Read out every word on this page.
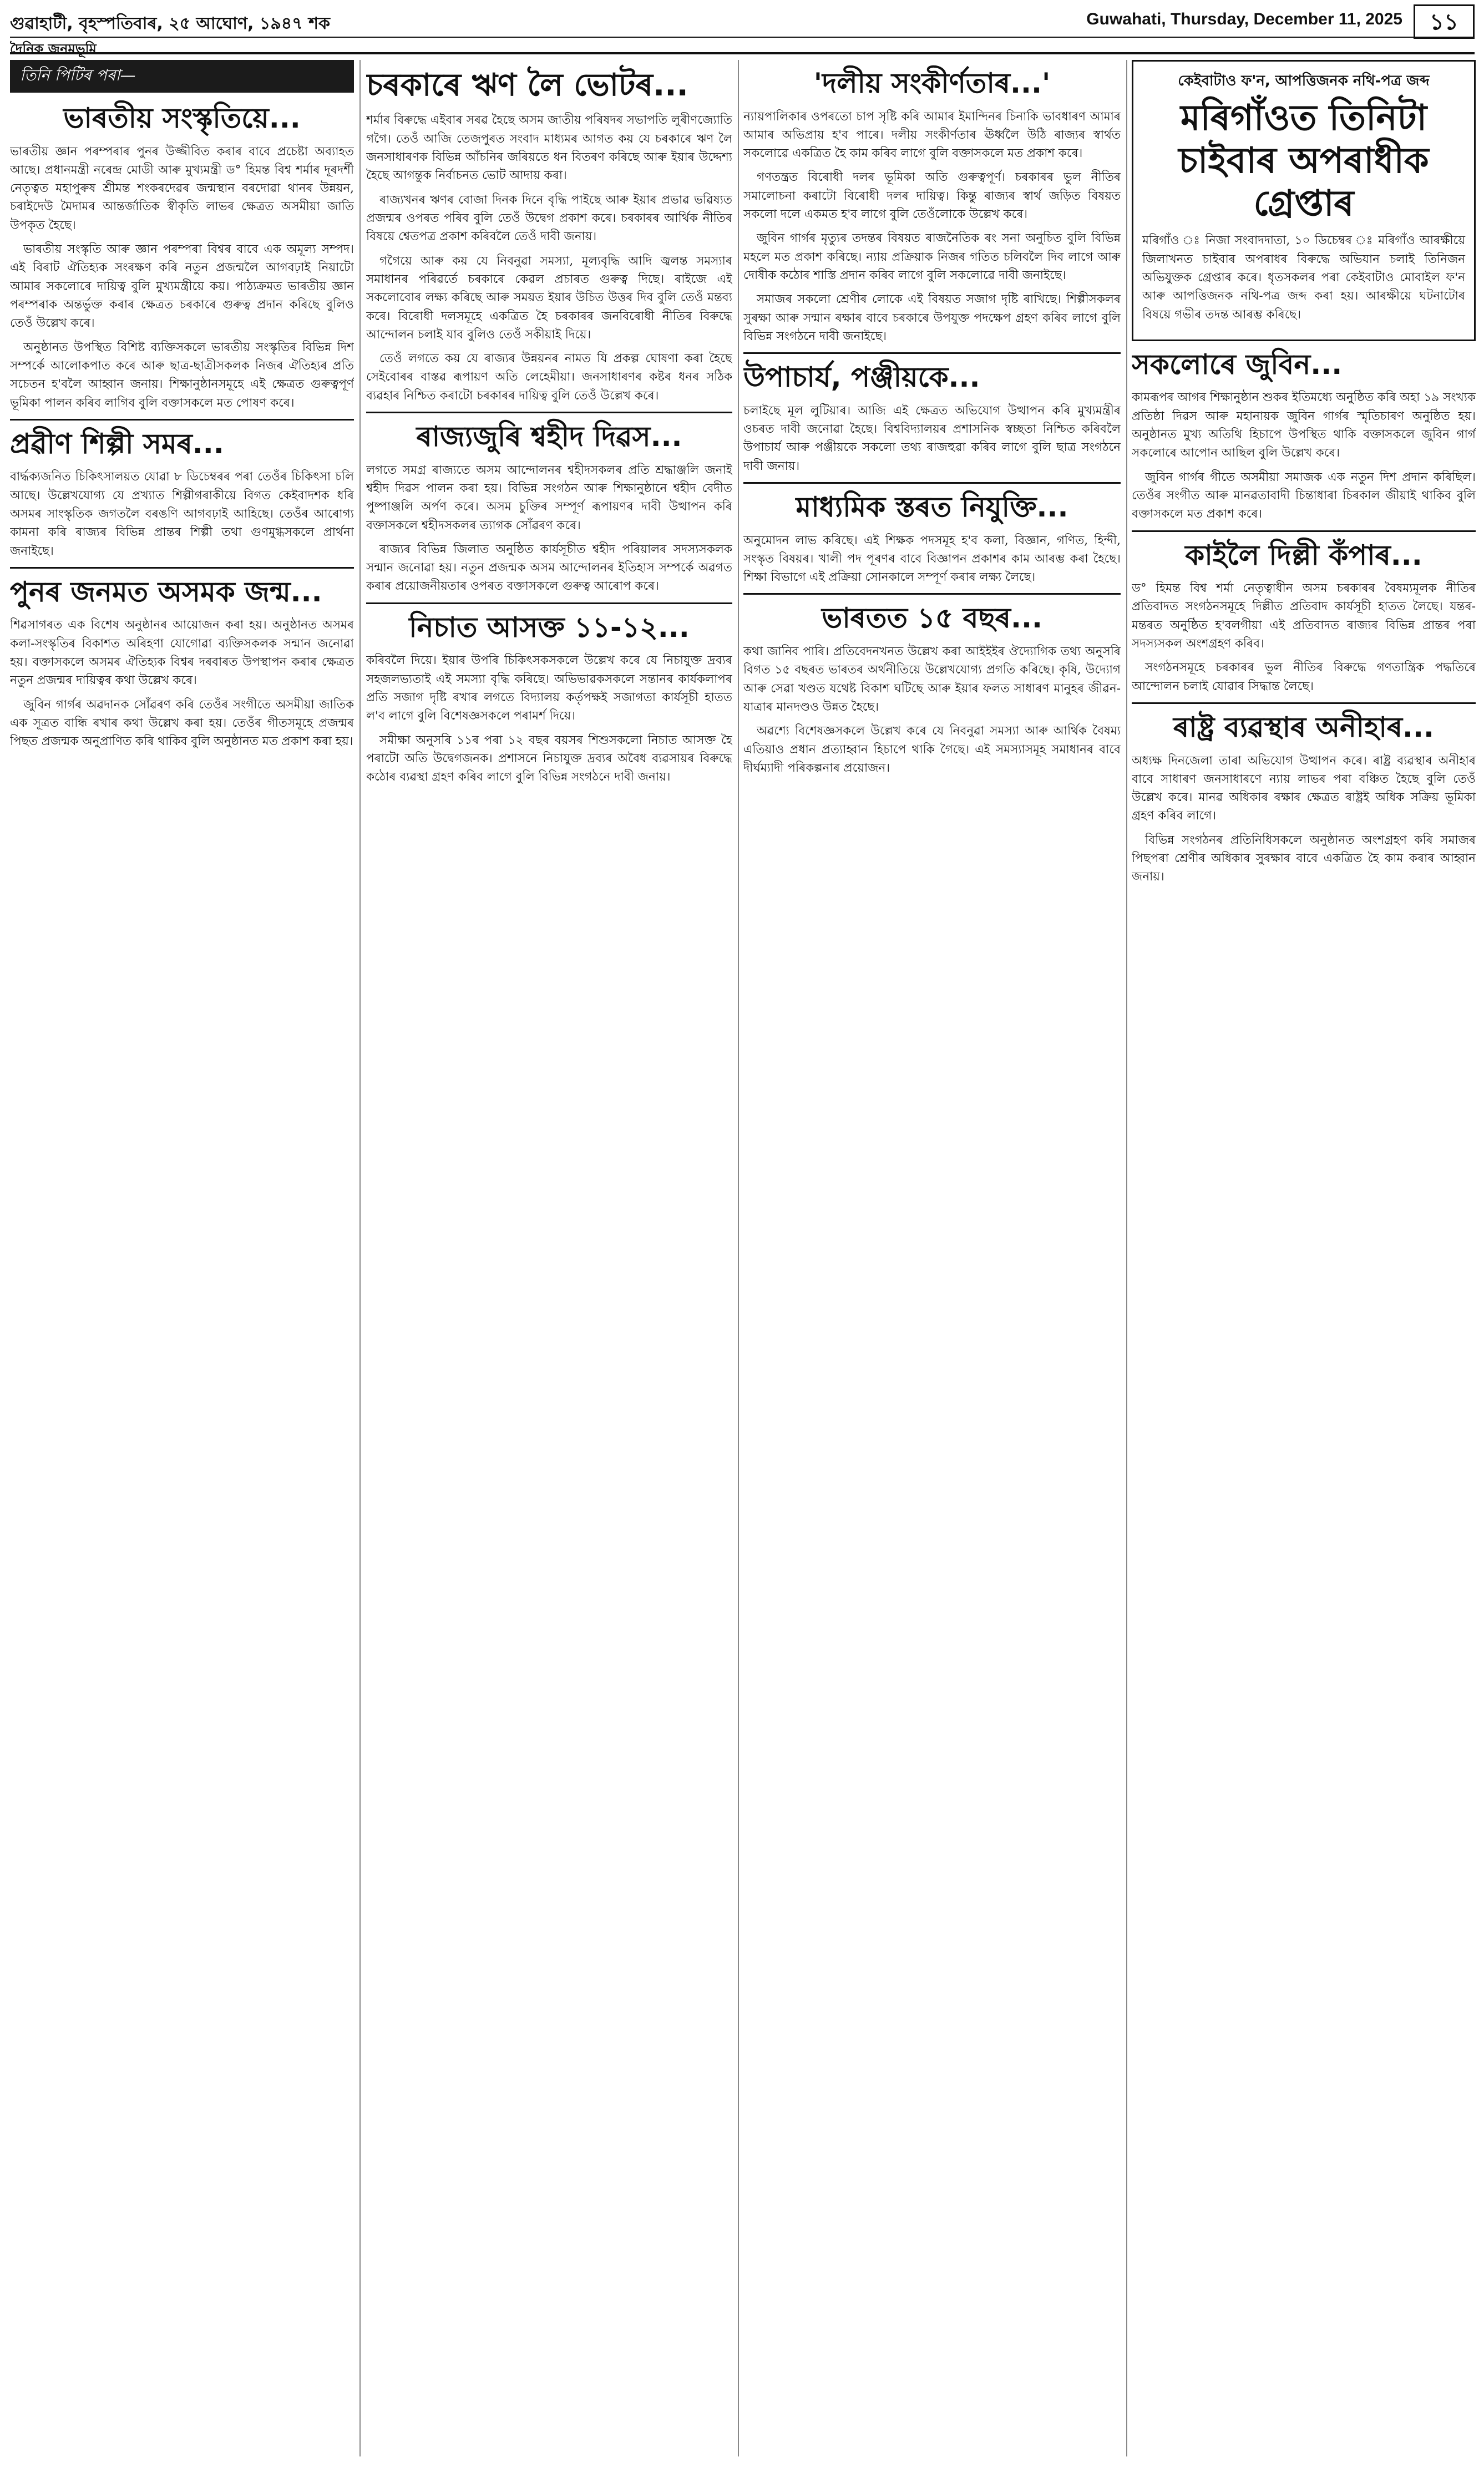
গুৱাহাটী, বৃহস্পতিবাৰ, ২৫ আঘোণ, ১৯৪৭ শক	Guwahati, Thursday, December 11, 2025	১১
দৈনিক জনমভূমি
তিনি পিটিৰ পৰা—
ভাৰতীয় সংস্কৃতিয়ে...

ভাৰতীয় জ্ঞান পৰম্পৰাৰ পুনৰ উজ্জীবিত কৰাৰ বাবে প্ৰচেষ্টা অব্যাহত আছে। প্ৰধানমন্ত্ৰী নৰেন্দ্ৰ মোডী আৰু মুখ্যমন্ত্ৰী ড° হিমন্ত বিশ্ব শৰ্মাৰ দূৰদৰ্শী নেতৃত্বত মহাপুৰুষ শ্ৰীমন্ত শংকৰদেৱৰ জন্মস্থান বৰদোৱা থানৰ উন্নয়ন, চৰাইদেউ মৈদামৰ আন্তৰ্জাতিক স্বীকৃতি লাভৰ ক্ষেত্ৰত অসমীয়া জাতি উপকৃত হৈছে।

ভাৰতীয় সংস্কৃতি আৰু জ্ঞান পৰম্পৰা বিশ্বৰ বাবে এক অমূল্য সম্পদ। এই বিৰাট ঐতিহ্যক সংৰক্ষণ কৰি নতুন প্ৰজন্মলৈ আগবঢ়াই নিয়াটো আমাৰ সকলোৰে দায়িত্ব বুলি মুখ্যমন্ত্ৰীয়ে কয়। পাঠ্যক্ৰমত ভাৰতীয় জ্ঞান পৰম্পৰাক অন্তৰ্ভুক্ত কৰাৰ ক্ষেত্ৰত চৰকাৰে গুৰুত্ব প্ৰদান কৰিছে বুলিও তেওঁ উল্লেখ কৰে।

অনুষ্ঠানত উপস্থিত বিশিষ্ট ব্যক্তিসকলে ভাৰতীয় সংস্কৃতিৰ বিভিন্ন দিশ সম্পৰ্কে আলোকপাত কৰে আৰু ছাত্ৰ-ছাত্ৰীসকলক নিজৰ ঐতিহ্যৰ প্ৰতি সচেতন হ'বলৈ আহ্বান জনায়। শিক্ষানুষ্ঠানসমূহে এই ক্ষেত্ৰত গুৰুত্বপূৰ্ণ ভূমিকা পালন কৰিব লাগিব বুলি বক্তাসকলে মত পোষণ কৰে।

প্ৰৱীণ শিল্পী সমৰ...

বাৰ্দ্ধক্যজনিত চিকিৎসালয়ত যোৱা ৮ ডিচেম্বৰৰ পৰা তেওঁৰ চিকিৎসা চলি আছে। উল্লেখযোগ্য যে প্ৰখ্যাত শিল্পীগৰাকীয়ে বিগত কেইবাদশক ধৰি অসমৰ সাংস্কৃতিক জগতলৈ বৰঙণি আগবঢ়াই আহিছে। তেওঁৰ আৰোগ্য কামনা কৰি ৰাজ্যৰ বিভিন্ন প্ৰান্তৰ শিল্পী তথা গুণমুগ্ধসকলে প্ৰাৰ্থনা জনাইছে।

পুনৰ জনমত অসমক জন্ম...

শিৱসাগৰত এক বিশেষ অনুষ্ঠানৰ আয়োজন কৰা হয়। অনুষ্ঠানত অসমৰ কলা-সংস্কৃতিৰ বিকাশত অৰিহণা যোগোৱা ব্যক্তিসকলক সন্মান জনোৱা হয়। বক্তাসকলে অসমৰ ঐতিহ্যক বিশ্বৰ দৰবাৰত উপস্থাপন কৰাৰ ক্ষেত্ৰত নতুন প্ৰজন্মৰ দায়িত্বৰ কথা উল্লেখ কৰে।

জুবিন গাৰ্গৰ অৱদানক সোঁৱৰণ কৰি তেওঁৰ সংগীতে অসমীয়া জাতিক এক সূত্ৰত বান্ধি ৰখাৰ কথা উল্লেখ কৰা হয়। তেওঁৰ গীতসমূহে প্ৰজন্মৰ পিছত প্ৰজন্মক অনুপ্ৰাণিত কৰি থাকিব বুলি অনুষ্ঠানত মত প্ৰকাশ কৰা হয়।

চৰকাৰে ঋণ লৈ ভোটৰ...

শৰ্মাৰ বিৰুদ্ধে এইবাৰ সৰৱ হৈছে অসম জাতীয় পৰিষদৰ সভাপতি লুৰীণজ্যোতি গগৈ। তেওঁ আজি তেজপুৰত সংবাদ মাধ্যমৰ আগত কয় যে চৰকাৰে ঋণ লৈ জনসাধাৰণক বিভিন্ন আঁচনিৰ জৰিয়তে ধন বিতৰণ কৰিছে আৰু ইয়াৰ উদ্দেশ্য হৈছে আগন্তুক নিৰ্বাচনত ভোট আদায় কৰা।

ৰাজ্যখনৰ ঋণৰ বোজা দিনক দিনে বৃদ্ধি পাইছে আৰু ইয়াৰ প্ৰভাৱ ভৱিষ্যত প্ৰজন্মৰ ওপৰত পৰিব বুলি তেওঁ উদ্বেগ প্ৰকাশ কৰে। চৰকাৰৰ আৰ্থিক নীতিৰ বিষয়ে শ্বেতপত্ৰ প্ৰকাশ কৰিবলৈ তেওঁ দাবী জনায়।

গগৈয়ে আৰু কয় যে নিবনুৱা সমস্যা, মূল্যবৃদ্ধি আদি জ্বলন্ত সমস্যাৰ সমাধানৰ পৰিৱৰ্তে চৰকাৰে কেৱল প্ৰচাৰত গুৰুত্ব দিছে। ৰাইজে এই সকলোবোৰ লক্ষ্য কৰিছে আৰু সময়ত ইয়াৰ উচিত উত্তৰ দিব বুলি তেওঁ মন্তব্য কৰে। বিৰোধী দলসমূহে একত্ৰিত হৈ চৰকাৰৰ জনবিৰোধী নীতিৰ বিৰুদ্ধে আন্দোলন চলাই যাব বুলিও তেওঁ সকীয়াই দিয়ে।

তেওঁ লগতে কয় যে ৰাজ্যৰ উন্নয়নৰ নামত যি প্ৰকল্প ঘোষণা কৰা হৈছে সেইবোৰৰ বাস্তৱ ৰূপায়ণ অতি লেহেমীয়া। জনসাধাৰণৰ কষ্টৰ ধনৰ সঠিক ব্যৱহাৰ নিশ্চিত কৰাটো চৰকাৰৰ দায়িত্ব বুলি তেওঁ উল্লেখ কৰে।

ৰাজ্যজুৰি শ্বহীদ দিৱস...

লগতে সমগ্ৰ ৰাজ্যতে অসম আন্দোলনৰ শ্বহীদসকলৰ প্ৰতি শ্ৰদ্ধাঞ্জলি জনাই শ্বহীদ দিৱস পালন কৰা হয়। বিভিন্ন সংগঠন আৰু শিক্ষানুষ্ঠানে শ্বহীদ বেদীত পুষ্পাঞ্জলি অৰ্পণ কৰে। অসম চুক্তিৰ সম্পূৰ্ণ ৰূপায়ণৰ দাবী উত্থাপন কৰি বক্তাসকলে শ্বহীদসকলৰ ত্যাগক সোঁৱৰণ কৰে।

ৰাজ্যৰ বিভিন্ন জিলাত অনুষ্ঠিত কাৰ্যসূচীত শ্বহীদ পৰিয়ালৰ সদস্যসকলক সন্মান জনোৱা হয়। নতুন প্ৰজন্মক অসম আন্দোলনৰ ইতিহাস সম্পৰ্কে অৱগত কৰাৰ প্ৰয়োজনীয়তাৰ ওপৰত বক্তাসকলে গুৰুত্ব আৰোপ কৰে।

নিচাত আসক্ত ১১-১২...

কৰিবলৈ দিয়ে। ইয়াৰ উপৰি চিকিৎসকসকলে উল্লেখ কৰে যে নিচাযুক্ত দ্ৰব্যৰ সহজলভ্যতাই এই সমস্যা বৃদ্ধি কৰিছে। অভিভাৱকসকলে সন্তানৰ কাৰ্যকলাপৰ প্ৰতি সজাগ দৃষ্টি ৰখাৰ লগতে বিদ্যালয় কৰ্তৃপক্ষই সজাগতা কাৰ্যসূচী হাতত ল'ব লাগে বুলি বিশেষজ্ঞসকলে পৰামৰ্শ দিয়ে।

সমীক্ষা অনুসৰি ১১ৰ পৰা ১২ বছৰ বয়সৰ শিশুসকলো নিচাত আসক্ত হৈ পৰাটো অতি উদ্বেগজনক। প্ৰশাসনে নিচাযুক্ত দ্ৰব্যৰ অবৈধ ব্যৱসায়ৰ বিৰুদ্ধে কঠোৰ ব্যৱস্থা গ্ৰহণ কৰিব লাগে বুলি বিভিন্ন সংগঠনে দাবী জনায়।

'দলীয় সংকীৰ্ণতাৰ...'

ন্যায়পালিকাৰ ওপৰতো চাপ সৃষ্টি কৰি আমাৰ ইমান্দিনৰ চিনাকি ভাবধাৰণ আমাৰ আমাৰ অভিপ্ৰায় হ'ব পাৰে। দলীয় সংকীৰ্ণতাৰ ঊৰ্ধ্বলৈ উঠি ৰাজ্যৰ স্বাৰ্থত সকলোৱে একত্ৰিত হৈ কাম কৰিব লাগে বুলি বক্তাসকলে মত প্ৰকাশ কৰে।

গণতন্ত্ৰত বিৰোধী দলৰ ভূমিকা অতি গুৰুত্বপূৰ্ণ। চৰকাৰৰ ভুল নীতিৰ সমালোচনা কৰাটো বিৰোধী দলৰ দায়িত্ব। কিন্তু ৰাজ্যৰ স্বাৰ্থ জড়িত বিষয়ত সকলো দলে একমত হ'ব লাগে বুলি তেওঁলোকে উল্লেখ কৰে।

জুবিন গাৰ্গৰ মৃত্যুৰ তদন্তৰ বিষয়ত ৰাজনৈতিক ৰং সনা অনুচিত বুলি বিভিন্ন মহলে মত প্ৰকাশ কৰিছে। ন্যায় প্ৰক্ৰিয়াক নিজৰ গতিত চলিবলৈ দিব লাগে আৰু দোষীক কঠোৰ শাস্তি প্ৰদান কৰিব লাগে বুলি সকলোৱে দাবী জনাইছে।

সমাজৰ সকলো শ্ৰেণীৰ লোকে এই বিষয়ত সজাগ দৃষ্টি ৰাখিছে। শিল্পীসকলৰ সুৰক্ষা আৰু সন্মান ৰক্ষাৰ বাবে চৰকাৰে উপযুক্ত পদক্ষেপ গ্ৰহণ কৰিব লাগে বুলি বিভিন্ন সংগঠনে দাবী জনাইছে।

উপাচাৰ্য, পঞ্জীয়কে...

চলাইছে মূল লুটিয়াৰ। আজি এই ক্ষেত্ৰত অভিযোগ উত্থাপন কৰি মুখ্যমন্ত্ৰীৰ ওচৰত দাবী জনোৱা হৈছে। বিশ্ববিদ্যালয়ৰ প্ৰশাসনিক স্বচ্ছতা নিশ্চিত কৰিবলৈ উপাচাৰ্য আৰু পঞ্জীয়কে সকলো তথ্য ৰাজহুৱা কৰিব লাগে বুলি ছাত্ৰ সংগঠনে দাবী জনায়।

মাধ্যমিক স্তৰত নিযুক্তি...

অনুমোদন লাভ কৰিছে। এই শিক্ষক পদসমূহ হ'ব কলা, বিজ্ঞান, গণিত, হিন্দী, সংস্কৃত বিষয়ৰ। খালী পদ পূৰণৰ বাবে বিজ্ঞাপন প্ৰকাশৰ কাম আৰম্ভ কৰা হৈছে। শিক্ষা বিভাগে এই প্ৰক্ৰিয়া সোনকালে সম্পূৰ্ণ কৰাৰ লক্ষ্য লৈছে।

ভাৰতত ১৫ বছৰ...

কথা জানিব পাৰি। প্ৰতিবেদনখনত উল্লেখ কৰা আইইইৰ ঔদ্যোগিক তথ্য অনুসৰি বিগত ১৫ বছৰত ভাৰতৰ অৰ্থনীতিয়ে উল্লেখযোগ্য প্ৰগতি কৰিছে। কৃষি, উদ্যোগ আৰু সেৱা খণ্ডত যথেষ্ট বিকাশ ঘটিছে আৰু ইয়াৰ ফলত সাধাৰণ মানুহৰ জীৱন-যাত্ৰাৰ মানদণ্ডও উন্নত হৈছে।

অৱশ্যে বিশেষজ্ঞসকলে উল্লেখ কৰে যে নিবনুৱা সমস্যা আৰু আৰ্থিক বৈষম্য এতিয়াও প্ৰধান প্ৰত্যাহ্বান হিচাপে থাকি গৈছে। এই সমস্যাসমূহ সমাধানৰ বাবে দীৰ্ঘম্যাদী পৰিকল্পনাৰ প্ৰয়োজন।

কেইবাটাও ফ'ন, আপত্তিজনক নথি-পত্ৰ জব্দ
মৰিগাঁওত তিনিটা চাইবাৰ অপৰাধীক গ্ৰেপ্তাৰ

মৰিগাঁও ঃ নিজা সংবাদদাতা, ১০ ডিচেম্বৰ ঃ মৰিগাঁও আৰক্ষীয়ে জিলাখনত চাইবাৰ অপৰাধৰ বিৰুদ্ধে অভিযান চলাই তিনিজন অভিযুক্তক গ্ৰেপ্তাৰ কৰে। ধৃতসকলৰ পৰা কেইবাটাও মোবাইল ফ'ন আৰু আপত্তিজনক নথি-পত্ৰ জব্দ কৰা হয়। আৰক্ষীয়ে ঘটনাটোৰ বিষয়ে গভীৰ তদন্ত আৰম্ভ কৰিছে।

সকলোৰে জুবিন...

কামৰূপৰ আগৰ শিক্ষানুষ্ঠান শুকৰ ইতিমধ্যে অনুষ্ঠিত কৰি অহা ১৯ সংখ্যক প্ৰতিষ্ঠা দিৱস আৰু মহানায়ক জুবিন গাৰ্গৰ স্মৃতিচাৰণ অনুষ্ঠিত হয়। অনুষ্ঠানত মুখ্য অতিথি হিচাপে উপস্থিত থাকি বক্তাসকলে জুবিন গাৰ্গ সকলোৰে আপোন আছিল বুলি উল্লেখ কৰে।

জুবিন গাৰ্গৰ গীতে অসমীয়া সমাজক এক নতুন দিশ প্ৰদান কৰিছিল। তেওঁৰ সংগীত আৰু মানৱতাবাদী চিন্তাধাৰা চিৰকাল জীয়াই থাকিব বুলি বক্তাসকলে মত প্ৰকাশ কৰে।

কাইলৈ দিল্লী কঁপাৰ...

ড° হিমন্ত বিশ্ব শৰ্মা নেতৃত্বাধীন অসম চৰকাৰৰ বৈষম্যমূলক নীতিৰ প্ৰতিবাদত সংগঠনসমূহে দিল্লীত প্ৰতিবাদ কাৰ্যসূচী হাতত লৈছে। যন্তৰ-মন্তৰত অনুষ্ঠিত হ'বলগীয়া এই প্ৰতিবাদত ৰাজ্যৰ বিভিন্ন প্ৰান্তৰ পৰা সদস্যসকল অংশগ্ৰহণ কৰিব।

সংগঠনসমূহে চৰকাৰৰ ভুল নীতিৰ বিৰুদ্ধে গণতান্ত্ৰিক পদ্ধতিৰে আন্দোলন চলাই যোৱাৰ সিদ্ধান্ত লৈছে।

ৰাষ্ট্ৰ ব্যৱস্থাৰ অনীহাৰ...

অধ্যক্ষ দিনজেলা তাৰা অভিযোগ উত্থাপন কৰে। ৰাষ্ট্ৰ ব্যৱস্থাৰ অনীহাৰ বাবে সাধাৰণ জনসাধাৰণে ন্যায় লাভৰ পৰা বঞ্চিত হৈছে বুলি তেওঁ উল্লেখ কৰে। মানৱ অধিকাৰ ৰক্ষাৰ ক্ষেত্ৰত ৰাষ্ট্ৰই অধিক সক্ৰিয় ভূমিকা গ্ৰহণ কৰিব লাগে।

বিভিন্ন সংগঠনৰ প্ৰতিনিধিসকলে অনুষ্ঠানত অংশগ্ৰহণ কৰি সমাজৰ পিছপৰা শ্ৰেণীৰ অধিকাৰ সুৰক্ষাৰ বাবে একত্ৰিত হৈ কাম কৰাৰ আহ্বান জনায়।
